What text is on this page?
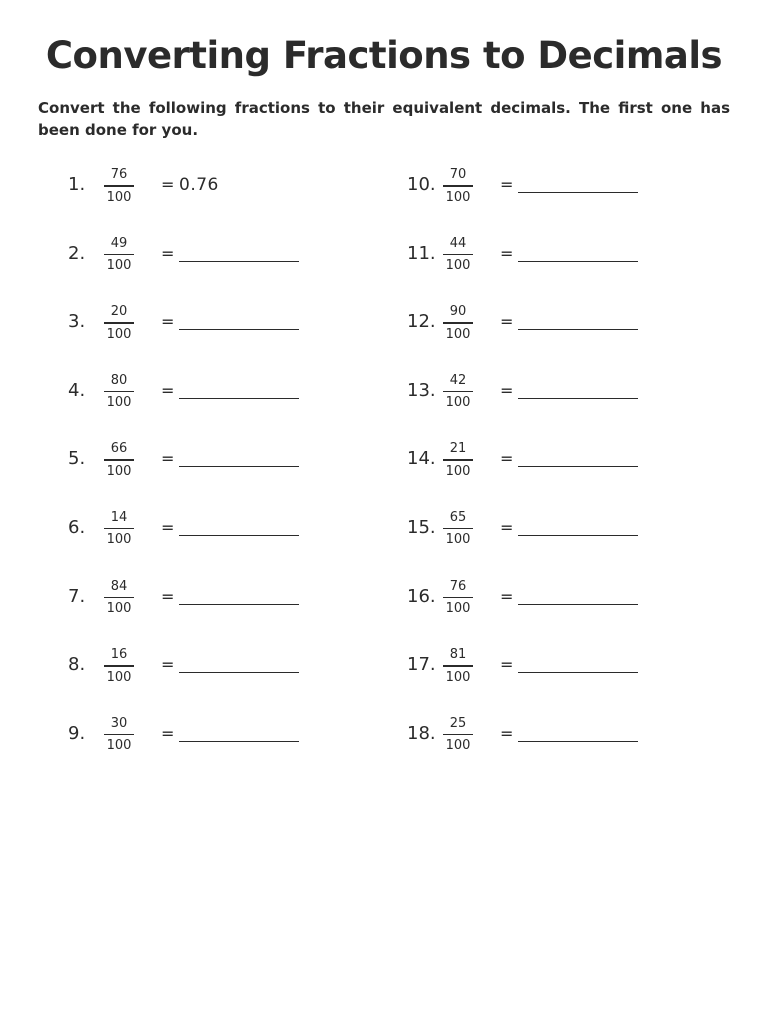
Converting Fractions to Decimals
Convert the following fractions to their equivalent decimals. The first one has been done for you.
1.	76
100
= 0.76
2.	49
100
=
3.	20
100
=
4.	80
100
=
5.	66
100
=
6.	14
100
=
7.	84
100
=
8.	16
100
=
9.	30
100
=
10.	70
100
=
11.	44
100
=
12.	90
100
=
13.	42
100
=
14.	21
100
=
15.	65
100
=
16.	76
100
=
17.	81
100
=
18.	25
100
=
